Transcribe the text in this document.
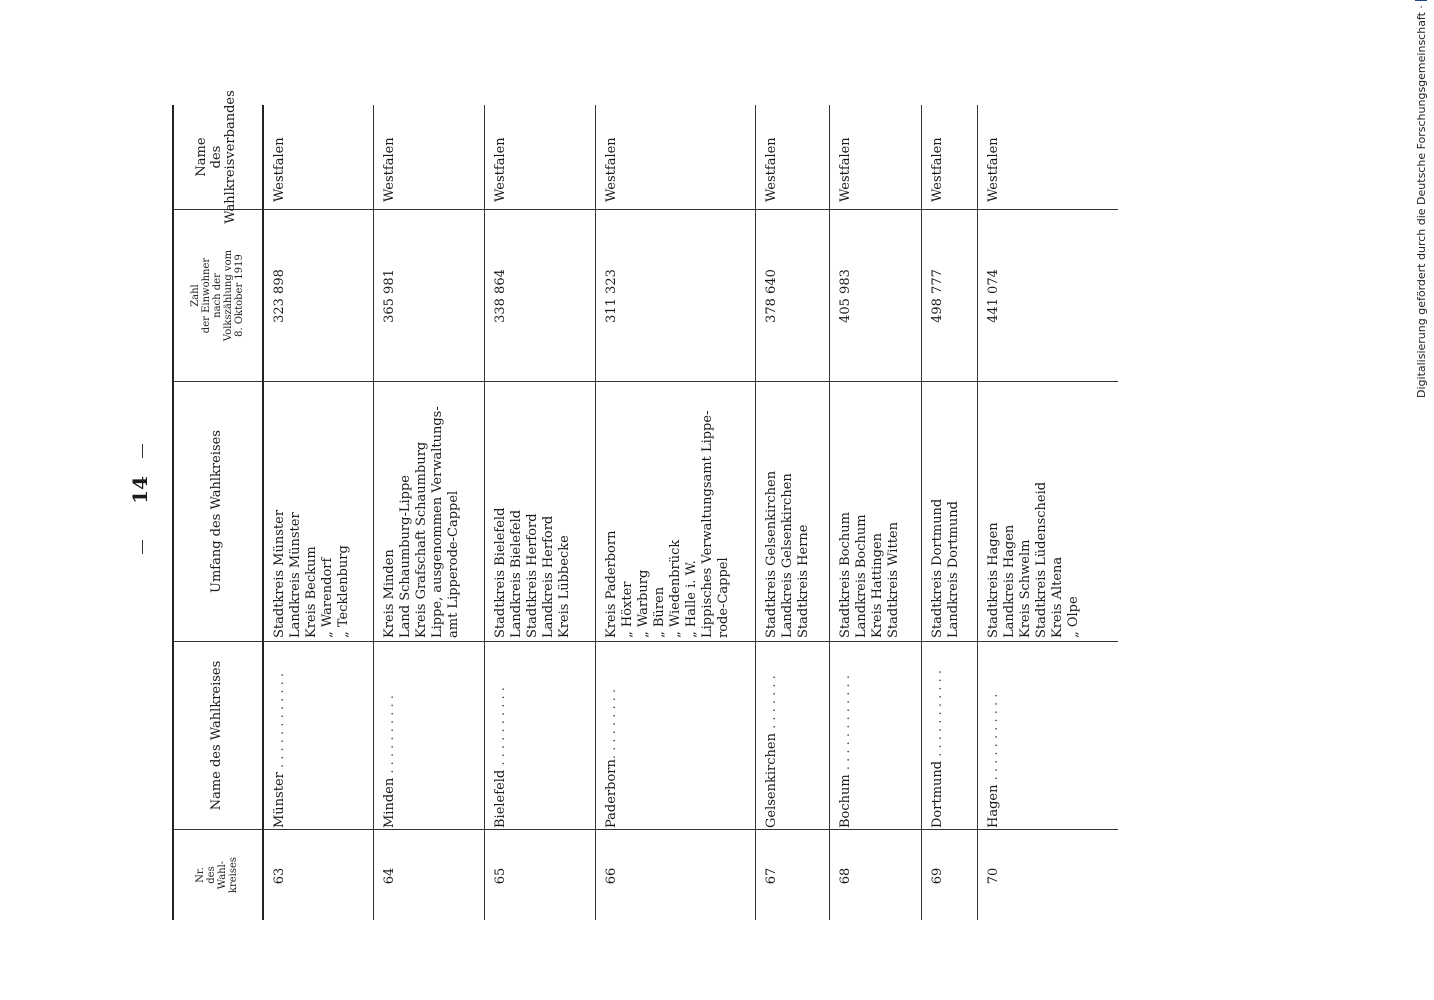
14
Nr. des Wahl- kreises
Name des Wahlkreises
Umfang des Wahlkreises
Zahl der Einwohner nach der Volkszählung vom 8. Oktober 1919
Name des Wahlkreisverbandes
63
Münster . . . . . . . . . . . .
Stadtkreis Münster Landkreis Münster Kreis Beckum „ Warendorf „ Tecklenburg
323 898
Westfalen
64
Minden . . . . . . . . . .
Kreis Minden Land Schaumburg-Lippe Kreis Grafschaft Schaumburg Lippe, ausgenommen Verwaltungs- amt Lipperode-Cappel
365 981
Westfalen
65
Bielefeld . . . . . . . . . .
Stadtkreis Bielefeld Landkreis Bielefeld Stadtkreis Herford Landkreis Herford Kreis Lübbecke
338 864
Westfalen
66
Paderborn. . . . . . . . .
Kreis Paderborn „ Höxter „ Warburg „ Büren „ Wiedenbrück „ Halle i. W. Lippisches Verwaltungsamt Lippe- rode-Cappel
311 323
Westfalen
67
Gelsenkirchen . . . . . . .
Stadtkreis Gelsenkirchen Landkreis Gelsenkirchen Stadtkreis Herne
378 640
Westfalen
68
Bochum . . . . . . . . . . . .
Stadtkreis Bochum Landkreis Bochum Kreis Hattingen Stadtkreis Witten
405 983
Westfalen
69
Dortmund . . . . . . . . . . .
Stadtkreis Dortmund Landkreis Dortmund
498 777
Westfalen
70
Hagen . . . . . . . . . . .
Stadtkreis Hagen Landkreis Hagen Kreis Schwelm Stadtkreis Lüdenscheid Kreis Altena „ Olpe
441 074
Westfalen	Digitalisierung gefördert durch die Deutsche Forschungsgemeinschaft ·
